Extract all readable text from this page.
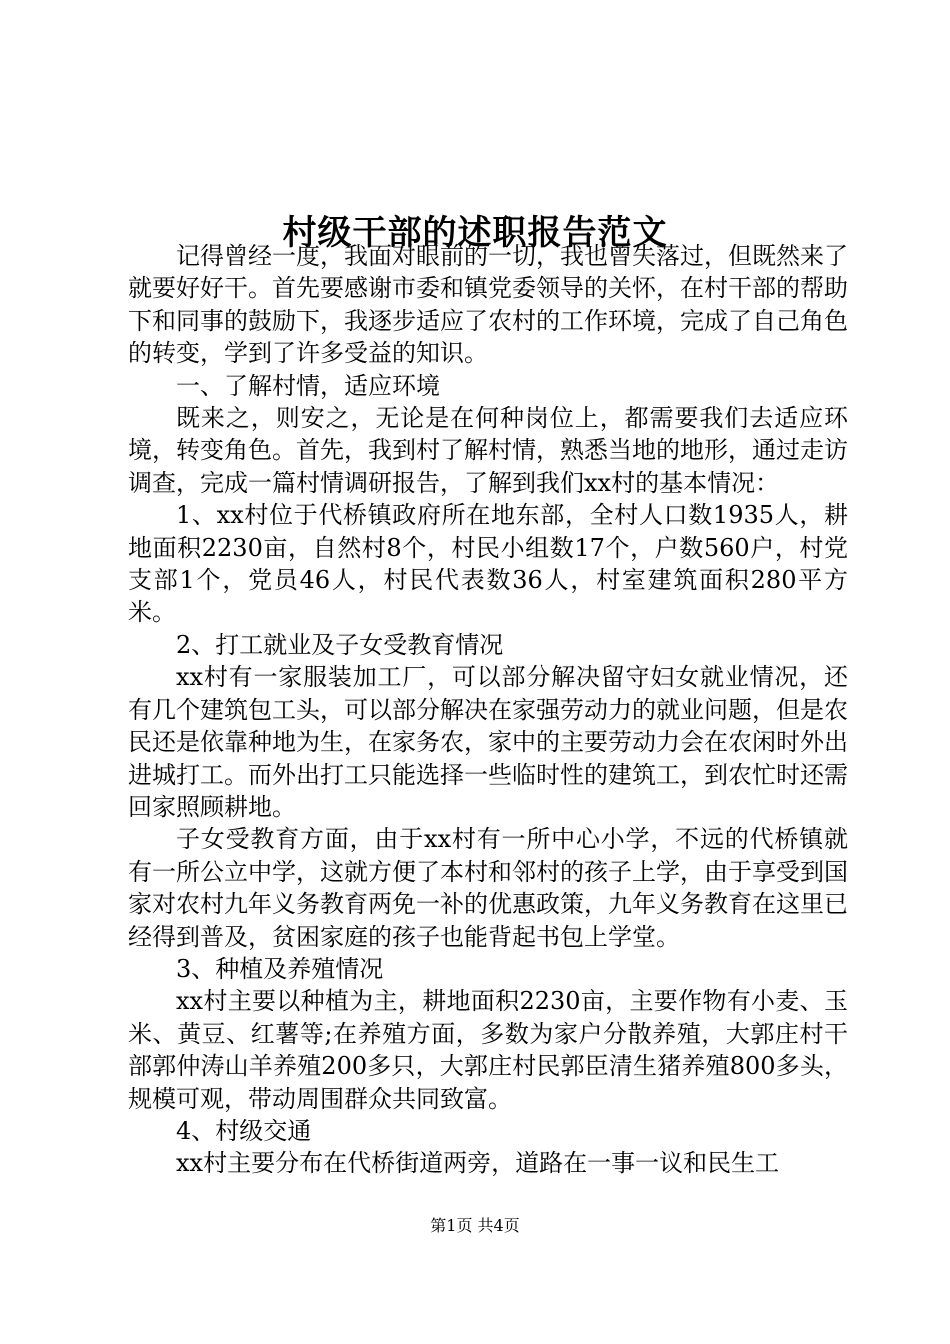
村级干部的述职报告范文

记得曾经一度，我面对眼前的一切，我也曾失落过，但既然来了就要好好干。首先要感谢市委和镇党委领导的关怀，在村干部的帮助下和同事的鼓励下，我逐步适应了农村的工作环境，完成了自己角色的转变，学到了许多受益的知识。

一、了解村情，适应环境

既来之，则安之，无论是在何种岗位上，都需要我们去适应环境，转变角色。首先，我到村了解村情，熟悉当地的地形，通过走访调查，完成一篇村情调研报告，了解到我们xx村的基本情况：

1、xx村位于代桥镇政府所在地东部，全村人口数1935人，耕地面积2230亩，自然村8个，村民小组数17个，户数560户，村党支部1个，党员46人，村民代表数36人，村室建筑面积280平方米。

2、打工就业及子女受教育情况

xx村有一家服装加工厂，可以部分解决留守妇女就业情况，还有几个建筑包工头，可以部分解决在家强劳动力的就业问题，但是农民还是依靠种地为生，在家务农，家中的主要劳动力会在农闲时外出进城打工。而外出打工只能选择一些临时性的建筑工，到农忙时还需回家照顾耕地。

子女受教育方面，由于xx村有一所中心小学，不远的代桥镇就有一所公立中学，这就方便了本村和邻村的孩子上学，由于享受到国家对农村九年义务教育两免一补的优惠政策，九年义务教育在这里已经得到普及，贫困家庭的孩子也能背起书包上学堂。

3、种植及养殖情况

xx村主要以种植为主，耕地面积2230亩，主要作物有小麦、玉米、黄豆、红薯等;在养殖方面，多数为家户分散养殖，大郭庄村干部郭仲涛山羊养殖200多只，大郭庄村民郭臣清生猪养殖800多头，规模可观，带动周围群众共同致富。

4、村级交通

xx村主要分布在代桥街道两旁，道路在一事一议和民生工

第1页 共4页
